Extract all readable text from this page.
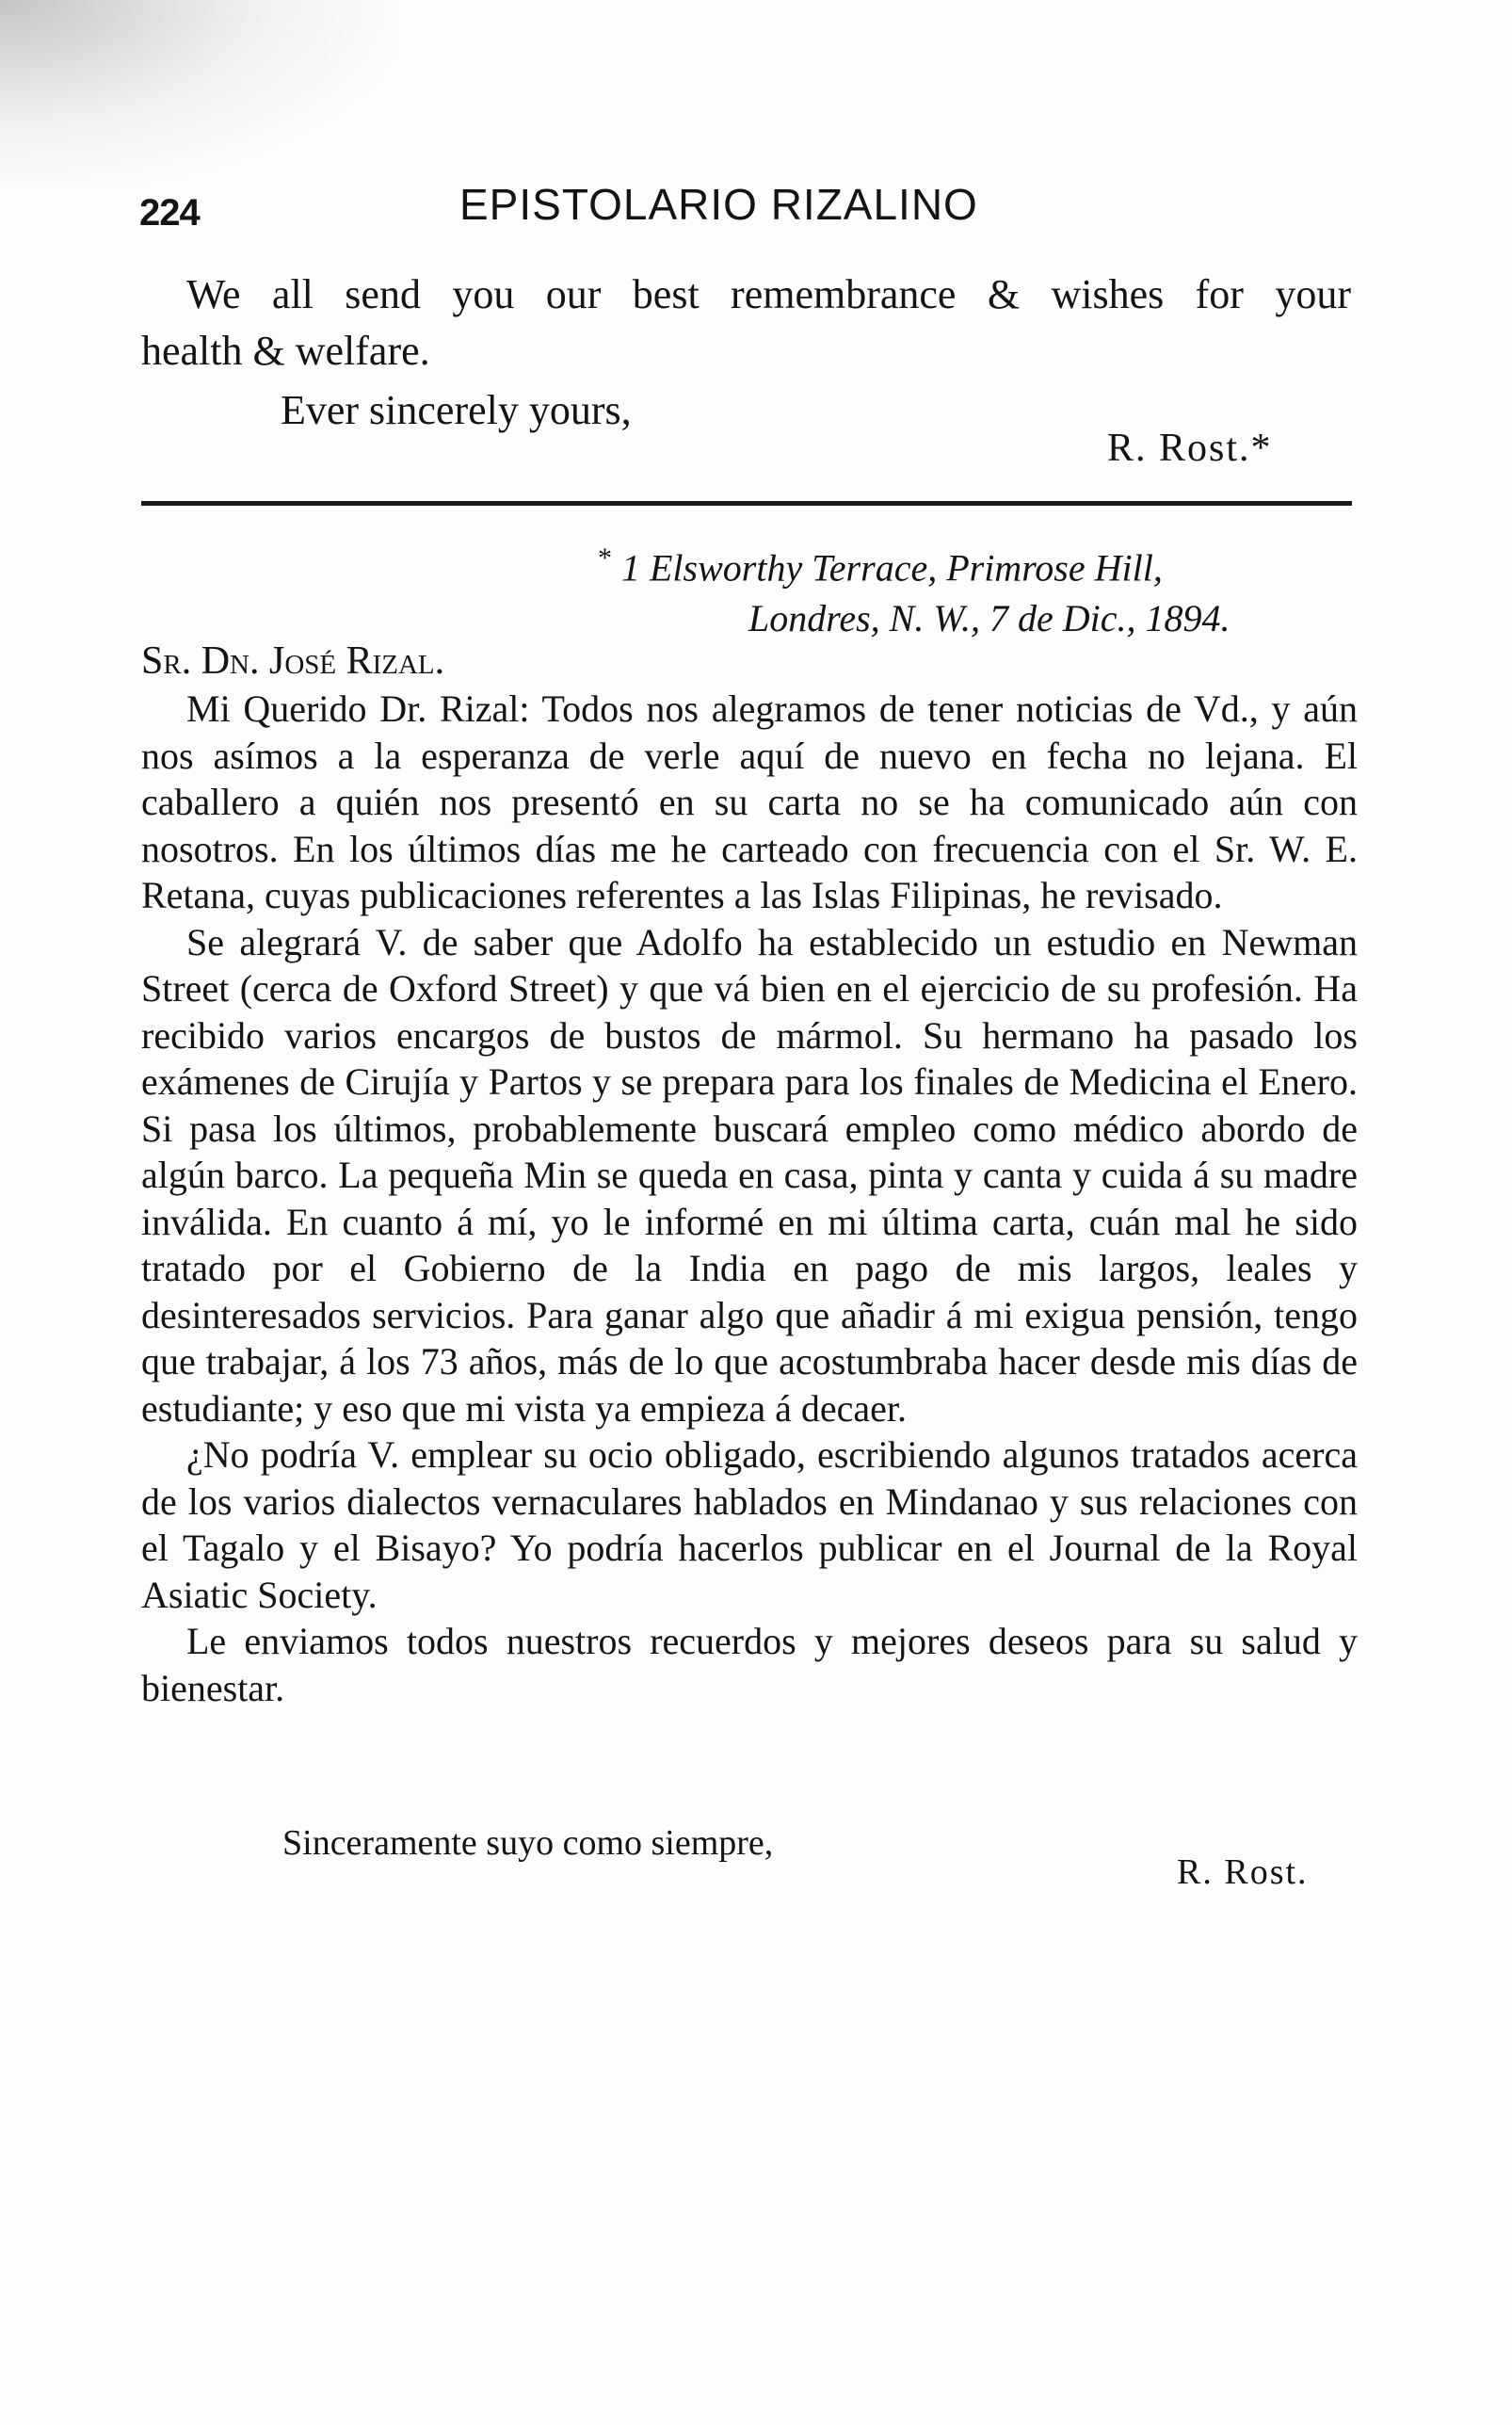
224	EPISTOLARIO RIZALINO
We all send you our best remembrance & wishes for your
health & welfare.
Ever sincerely yours,
R. Rost.*
* 1 Elsworthy Terrace, Primrose Hill,
Londres, N. W., 7 de Dic., 1894.
Sr. Dn. José Rizal.

Mi Querido Dr. Rizal: Todos nos alegramos de tener noticias de Vd., y aún nos asímos a la esperanza de verle aquí de nuevo en fecha no lejana. El caballero a quién nos presentó en su carta no se ha comunicado aún con nosotros. En los últimos días me he carteado con frecuencia con el Sr. W. E. Retana, cuyas publicaciones referentes a las Islas Filipinas, he revisado.

Se alegrará V. de saber que Adolfo ha establecido un estudio en Newman Street (cerca de Oxford Street) y que vá bien en el ejercicio de su profesión. Ha recibido varios encargos de bustos de mármol. Su hermano ha pasado los exámenes de Cirujía y Partos y se prepara para los finales de Medicina el Enero. Si pasa los últimos, probablemente buscará empleo como médico abordo de algún barco. La pequeña Min se queda en casa, pinta y canta y cuida á su madre inválida. En cuanto á mí, yo le informé en mi última carta, cuán mal he sido tratado por el Gobierno de la India en pago de mis largos, leales y desinteresados servicios. Para ganar algo que añadir á mi exigua pensión, tengo que trabajar, á los 73 años, más de lo que acostumbraba hacer desde mis días de estudiante; y eso que mi vista ya empieza á decaer.

¿No podría V. emplear su ocio obligado, escribiendo algunos tratados acerca de los varios dialectos vernaculares hablados en Mindanao y sus relaciones con el Tagalo y el Bisayo? Yo podría hacerlos publicar en el Journal de la Royal Asiatic Society.

Le enviamos todos nuestros recuerdos y mejores deseos para su salud y bienestar.

Sinceramente suyo como siempre,
R. Rost.
